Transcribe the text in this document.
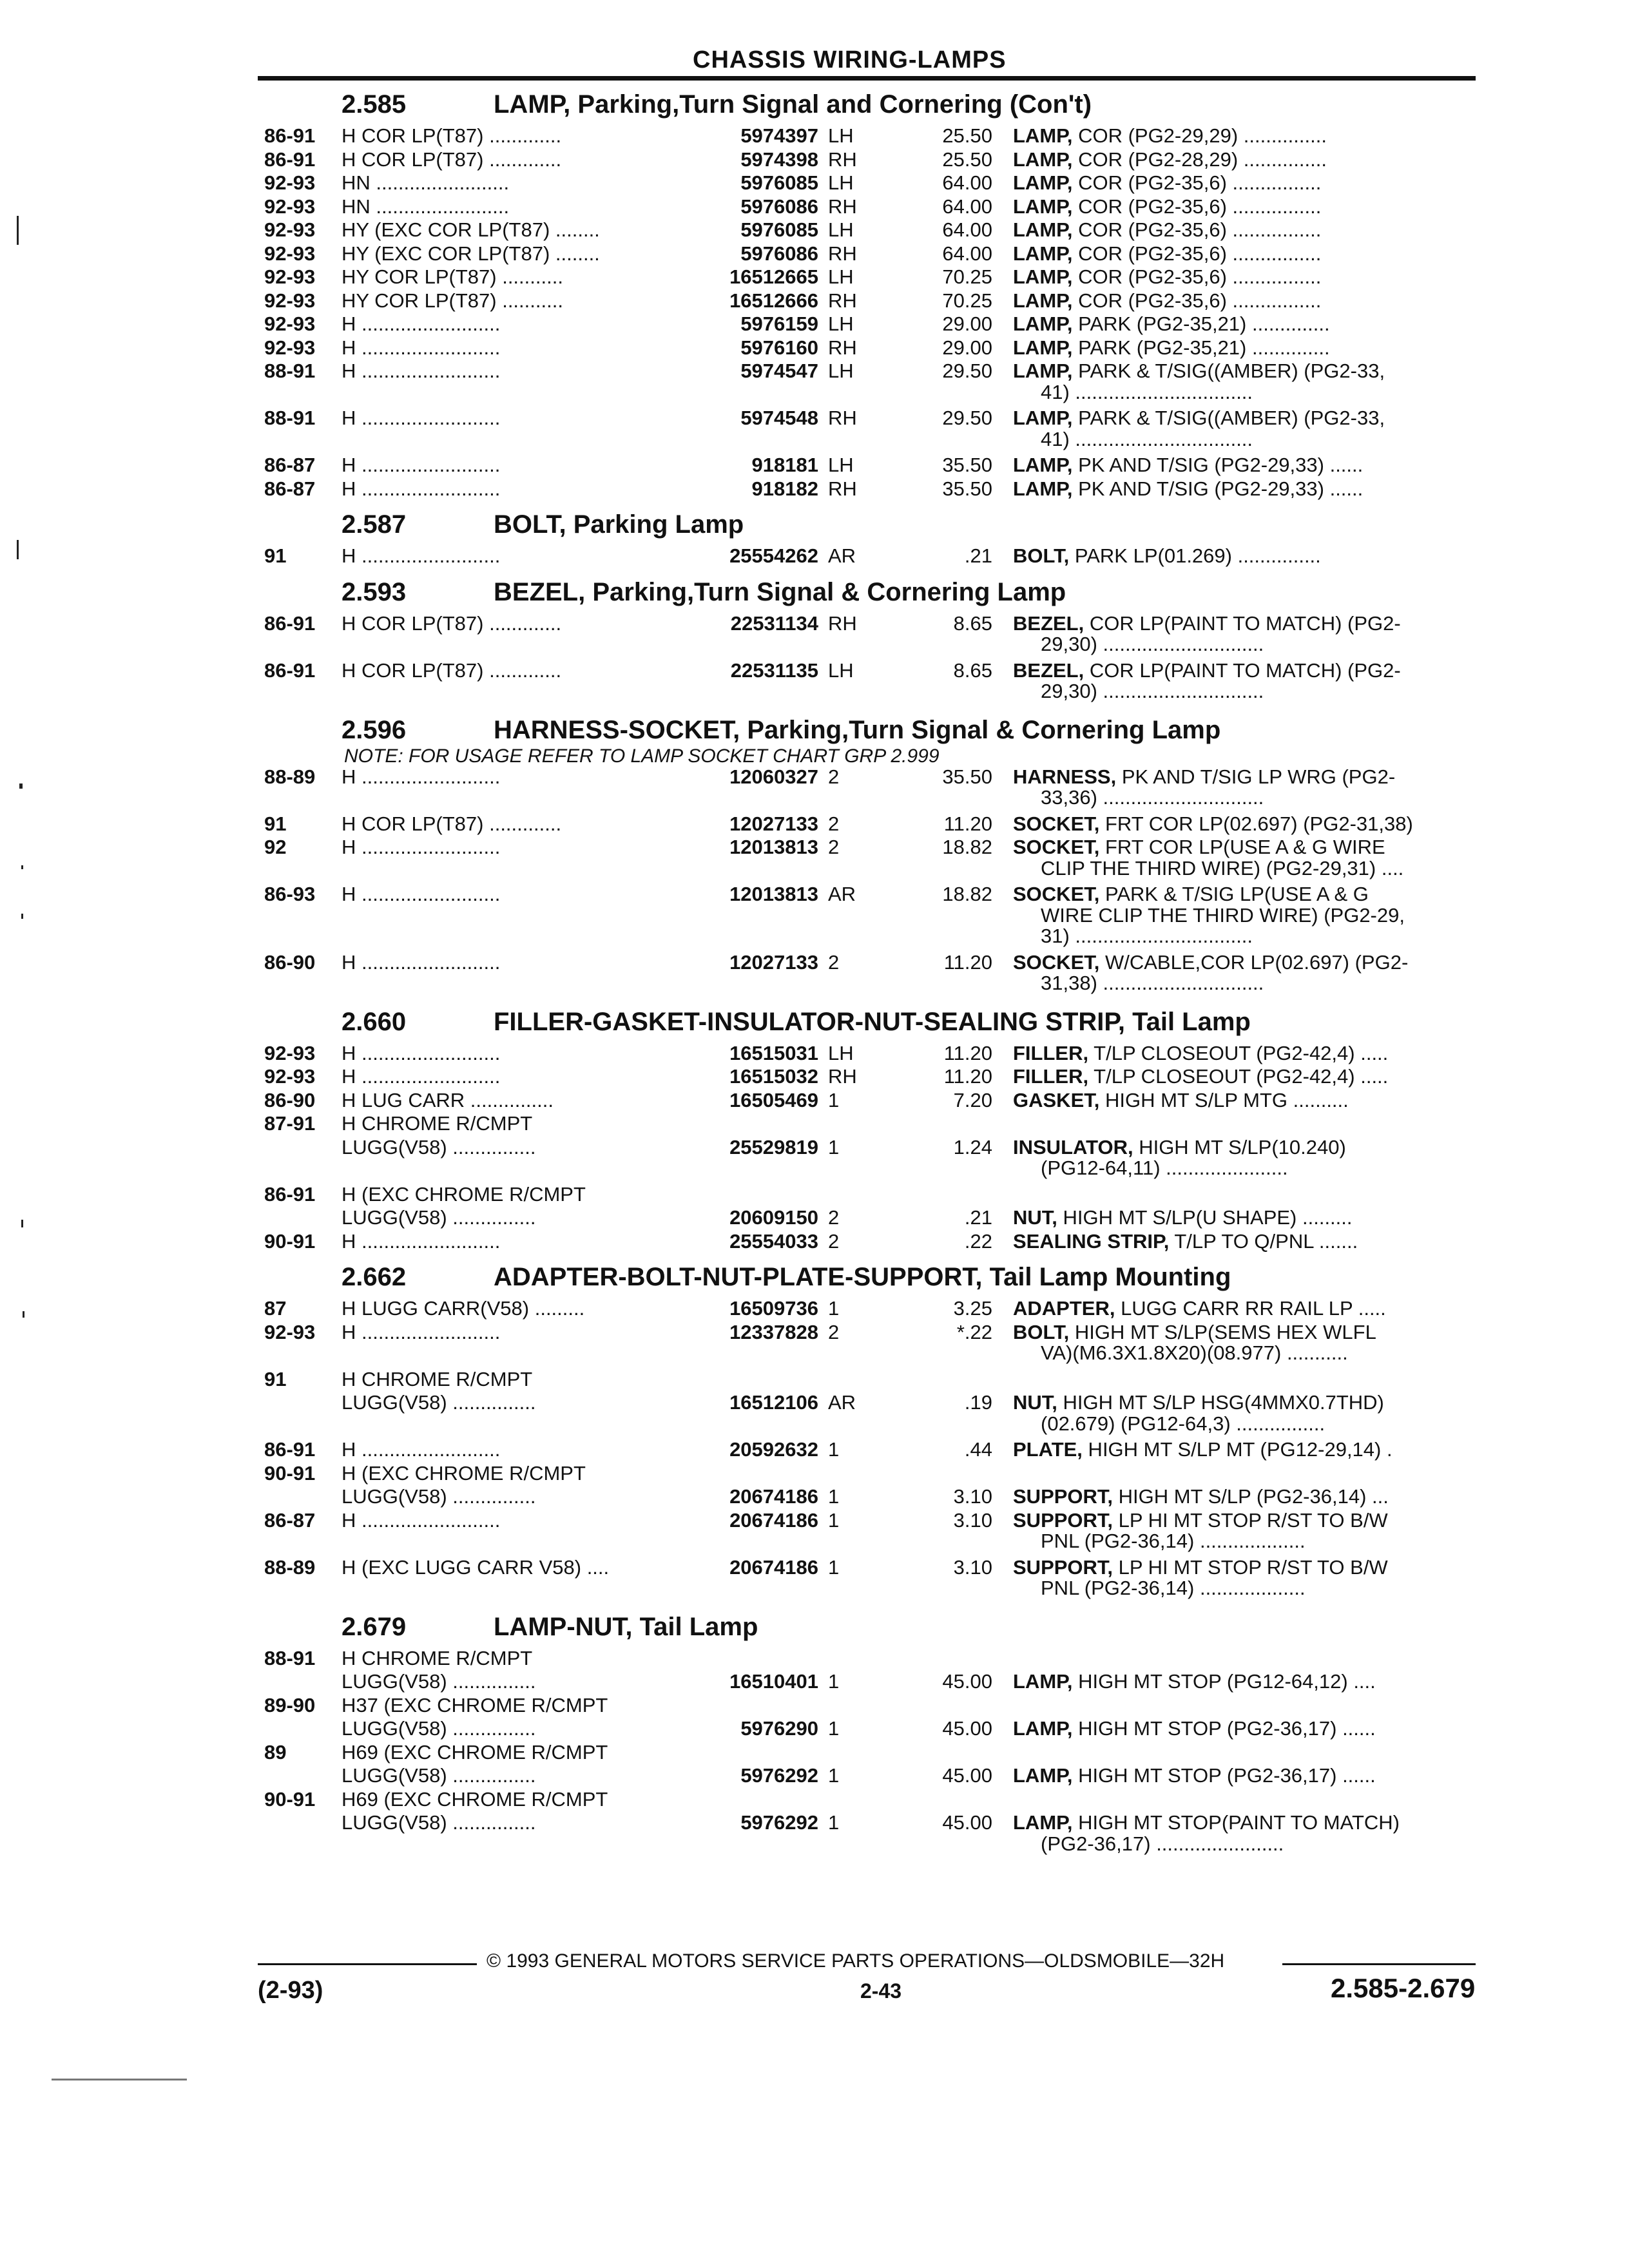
CHASSIS WIRING-LAMPS
2.585	LAMP, Parking,Turn Signal and Cornering (Con't)
86-91 H COR LP(T87) .............	5974397 LH	25.50 LAMP, COR (PG2-29,29) ...............
86-91 H COR LP(T87) .............	5974398 RH	25.50 LAMP, COR (PG2-28,29) ...............
92-93 HN ........................	5976085 LH	64.00 LAMP, COR (PG2-35,6) ................
92-93 HN ........................	5976086 RH	64.00 LAMP, COR (PG2-35,6) ................
92-93 HY (EXC COR LP(T87) ........	5976085 LH	64.00 LAMP, COR (PG2-35,6) ................
92-93 HY (EXC COR LP(T87) ........	5976086 RH	64.00 LAMP, COR (PG2-35,6) ................
92-93 HY COR LP(T87) ...........	16512665 LH	70.25 LAMP, COR (PG2-35,6) ................
92-93 HY COR LP(T87) ...........	16512666 RH	70.25 LAMP, COR (PG2-35,6) ................
92-93 H .........................	5976159 LH	29.00 LAMP, PARK (PG2-35,21) ..............
92-93 H .........................	5976160 RH	29.00 LAMP, PARK (PG2-35,21) ..............
88-91 H .........................	5974547 LH	29.50 LAMP, PARK & T/SIG((AMBER) (PG2-33,
41) ................................
88-91 H .........................	5974548 RH	29.50 LAMP, PARK & T/SIG((AMBER) (PG2-33,
41) ................................
86-87 H .........................	918181 LH	35.50 LAMP, PK AND T/SIG (PG2-29,33) ......
86-87 H .........................	918182 RH	35.50 LAMP, PK AND T/SIG (PG2-29,33) ......
2.587	BOLT, Parking Lamp
91	H .........................	25554262 AR	.21 BOLT, PARK LP(01.269) ...............
2.593	BEZEL, Parking,Turn Signal & Cornering Lamp
86-91 H COR LP(T87) .............	22531134 RH	8.65 BEZEL, COR LP(PAINT TO MATCH) (PG2-
29,30) .............................
86-91 H COR LP(T87) .............	22531135 LH	8.65 BEZEL, COR LP(PAINT TO MATCH) (PG2-
29,30) .............................
2.596	HARNESS-SOCKET, Parking,Turn Signal & Cornering Lamp
NOTE: FOR USAGE REFER TO LAMP SOCKET CHART GRP 2.999
88-89 H .........................	12060327 2	35.50 HARNESS, PK AND T/SIG LP WRG (PG2-
33,36) .............................
91	H COR LP(T87) .............	12027133 2	11.20 SOCKET, FRT COR LP(02.697) (PG2-31,38)
92	H .........................	12013813 2	18.82 SOCKET, FRT COR LP(USE A & G WIRE
CLIP THE THIRD WIRE) (PG2-29,31) ....
86-93 H .........................	12013813 AR	18.82 SOCKET, PARK & T/SIG LP(USE A & G
WIRE CLIP THE THIRD WIRE) (PG2-29,
31) ................................
86-90 H .........................	12027133 2	11.20 SOCKET, W/CABLE,COR LP(02.697) (PG2-
31,38) .............................
2.660	FILLER-GASKET-INSULATOR-NUT-SEALING STRIP, Tail Lamp
92-93 H .........................	16515031 LH	11.20 FILLER, T/LP CLOSEOUT (PG2-42,4) .....
92-93 H .........................	16515032 RH	11.20 FILLER, T/LP CLOSEOUT (PG2-42,4) .....
86-90 H LUG CARR ...............	16505469 1	7.20 GASKET, HIGH MT S/LP MTG ..........
87-91 H CHROME R/CMPT
LUGG(V58) ...............	25529819 1	1.24 INSULATOR, HIGH MT S/LP(10.240)
(PG12-64,11) ......................
86-91 H (EXC CHROME R/CMPT
LUGG(V58) ...............	20609150 2	.21 NUT, HIGH MT S/LP(U SHAPE) .........
90-91 H .........................	25554033 2	.22 SEALING STRIP, T/LP TO Q/PNL .......
2.662	ADAPTER-BOLT-NUT-PLATE-SUPPORT, Tail Lamp Mounting
87	H LUGG CARR(V58) .........	16509736 1	3.25 ADAPTER, LUGG CARR RR RAIL LP .....
92-93 H .........................	12337828 2	*.22 BOLT, HIGH MT S/LP(SEMS HEX WLFL
VA)(M6.3X1.8X20)(08.977) ...........
91	H CHROME R/CMPT
LUGG(V58) ...............	16512106 AR	.19 NUT, HIGH MT S/LP HSG(4MMX0.7THD)
(02.679) (PG12-64,3) ................
86-91 H .........................	20592632 1	.44 PLATE, HIGH MT S/LP MT (PG12-29,14) .
90-91 H (EXC CHROME R/CMPT
LUGG(V58) ...............	20674186 1	3.10 SUPPORT, HIGH MT S/LP (PG2-36,14) ...
86-87 H .........................	20674186 1	3.10 SUPPORT, LP HI MT STOP R/ST TO B/W
PNL (PG2-36,14) ...................
88-89 H (EXC LUGG CARR V58) ....	20674186 1	3.10 SUPPORT, LP HI MT STOP R/ST TO B/W
PNL (PG2-36,14) ...................
2.679	LAMP-NUT, Tail Lamp
88-91 H CHROME R/CMPT
LUGG(V58) ...............	16510401 1	45.00 LAMP, HIGH MT STOP (PG12-64,12) ....
89-90 H37 (EXC CHROME R/CMPT
LUGG(V58) ...............	5976290 1	45.00 LAMP, HIGH MT STOP (PG2-36,17) ......
89	H69 (EXC CHROME R/CMPT
LUGG(V58) ...............	5976292 1	45.00 LAMP, HIGH MT STOP (PG2-36,17) ......
90-91 H69 (EXC CHROME R/CMPT
LUGG(V58) ...............	5976292 1	45.00 LAMP, HIGH MT STOP(PAINT TO MATCH)
(PG2-36,17) .......................
© 1993 GENERAL MOTORS SERVICE PARTS OPERATIONS—OLDSMOBILE—32H
(2-93)	2-43	2.585-2.679
